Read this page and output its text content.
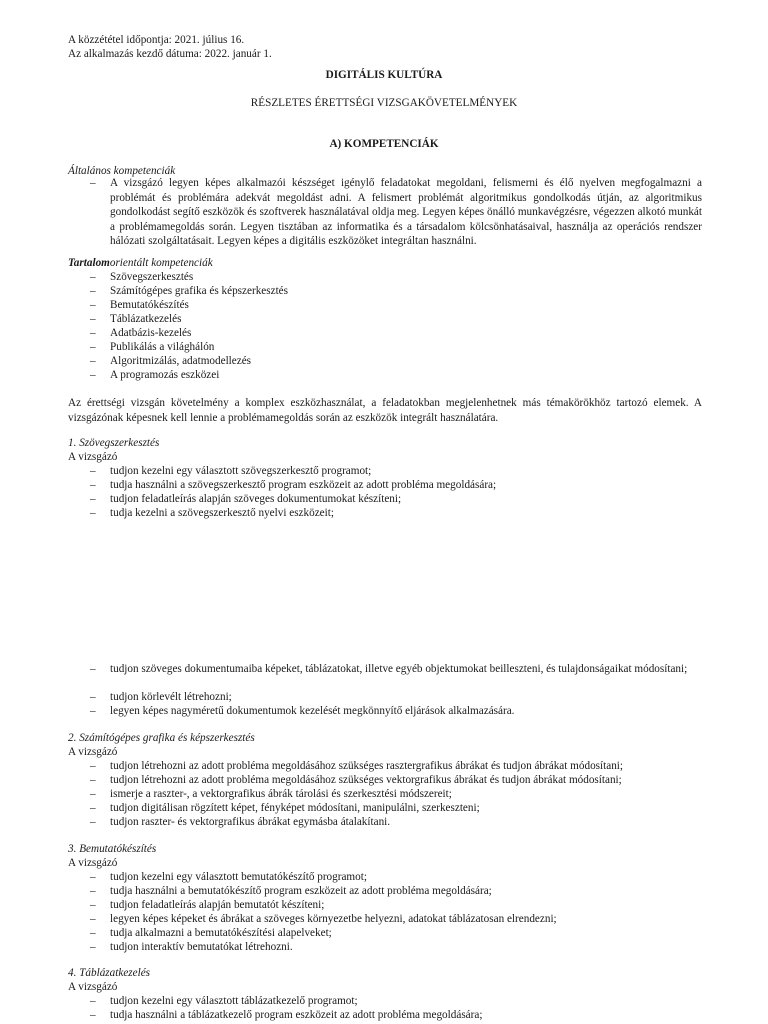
A közzététel időpontja: 2021. július 16.
Az alkalmazás kezdő dátuma: 2022. január 1.
DIGITÁLIS KULTÚRA
RÉSZLETES ÉRETTSÉGI VIZSGAKÖVETELMÉNYEK
A) KOMPETENCIÁK
Általános kompetenciák
– A vizsgázó legyen képes alkalmazói készséget igénylő feladatokat megoldani, felismerni és élő nyelven megfogalmazni a problémát és problémára adekvát megoldást adni. A felismert problémát algoritmikus gondolkodás útján, az algoritmikus gondolkodást segítő eszközök és szoftverek használatával oldja meg. Legyen képes önálló munkavégzésre, végezzen alkotó munkát a problémamegoldás során. Legyen tisztában az informatika és a társadalom kölcsönhatásaival, használja az operációs rendszer hálózati szolgáltatásait. Legyen képes a digitális eszközöket integráltan használni.
Tartalomorientált kompetenciák
– Szövegszerkesztés
– Számítógépes grafika és képszerkesztés
– Bemutatókészítés
– Táblázatkezelés
– Adatbázis-kezelés
– Publikálás a világhálón
– Algoritmizálás, adatmodellezés
– A programozás eszközei
Az érettségi vizsgán követelmény a komplex eszközhasználat, a feladatokban megjelenhetnek más témakörökhöz tartozó elemek. A vizsgázónak képesnek kell lennie a problémamegoldás során az eszközök integrált használatára.
1. Szövegszerkesztés
A vizsgázó
– tudjon kezelni egy választott szövegszerkesztő programot;
– tudja használni a szövegszerkesztő program eszközeit az adott probléma megoldására;
– tudjon feladatleírás alapján szöveges dokumentumokat készíteni;
– tudja kezelni a szövegszerkesztő nyelvi eszközeit;
– tudjon szöveges dokumentumaiba képeket, táblázatokat, illetve egyéb objektumokat beilleszteni, és tulajdonságaikat módosítani;
– tudjon körlevélt létrehozni;
– legyen képes nagyméretű dokumentumok kezelését megkönnyítő eljárások alkalmazására.
2. Számítógépes grafika és képszerkesztés
A vizsgázó
– tudjon létrehozni az adott probléma megoldásához szükséges rasztergrafikus ábrákat és tudjon ábrákat módosítani;
– tudjon létrehozni az adott probléma megoldásához szükséges vektorgrafikus ábrákat és tudjon ábrákat módosítani;
– ismerje a raszter-, a vektorgrafikus ábrák tárolási és szerkesztési módszereit;
– tudjon digitálisan rögzített képet, fényképet módosítani, manipulálni, szerkeszteni;
– tudjon raszter- és vektorgrafikus ábrákat egymásba átalakítani.
3. Bemutatókészítés
A vizsgázó
– tudjon kezelni egy választott bemutatókészítő programot;
– tudja használni a bemutatókészítő program eszközeit az adott probléma megoldására;
– tudjon feladatleírás alapján bemutatót készíteni;
– legyen képes képeket és ábrákat a szöveges környezetbe helyezni, adatokat táblázatosan elrendezni;
– tudja alkalmazni a bemutatókészítési alapelveket;
– tudjon interaktív bemutatókat létrehozni.
4. Táblázatkezelés
A vizsgázó
– tudjon kezelni egy választott táblázatkezelő programot;
– tudja használni a táblázatkezelő program eszközeit az adott probléma megoldására;
